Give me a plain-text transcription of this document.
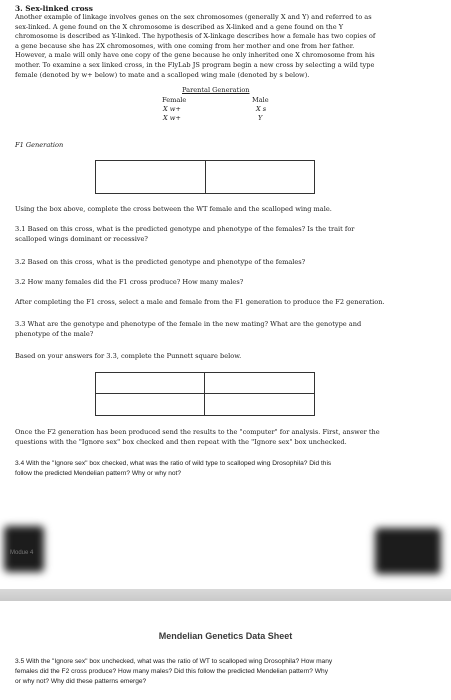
3. Sex-linked cross
Another example of linkage involves genes on the sex chromosomes (generally X and Y) and referred to as
sex-linked. A gene found on the X chromosome is described as X-linked and a gene found on the Y
chromosome is described as Y-linked. The hypothesis of X-linkage describes how a female has two copies of
a gene because she has 2X chromosomes, with one coming from her mother and one from her father.
However, a male will only have one copy of the gene because he only inherited one X chromosome from his
mother. To examine a sex linked cross, in the FlyLab JS program begin a new cross by selecting a wild type
female (denoted by w+ below) to mate and a scalloped wing male (denoted by s below).
Parental Generation
Female	Male
X w+	X s
X w+	Y
F1 Generation
Using the box above, complete the cross between the WT female and the scalloped wing male.
3.1 Based on this cross, what is the predicted genotype and phenotype of the females? Is the trait for
scalloped wings dominant or recessive?
3.2 Based on this cross, what is the predicted genotype and phenotype of the females?
3.2 How many females did the F1 cross produce? How many males?
After completing the F1 cross, select a male and female from the F1 generation to produce the F2 generation.
3.3 What are the genotype and phenotype of the female in the new mating? What are the genotype and
phenotype of the male?
Based on your answers for 3.3, complete the Punnett square below.
Once the F2 generation has been produced send the results to the "computer" for analysis. First, answer the
questions with the "Ignore sex" box checked and then repeat with the "Ignore sex" box unchecked.
3.4 With the "Ignore sex" box checked, what was the ratio of wild type to scalloped wing Drosophila? Did this
follow the predicted Mendelian pattern? Why or why not?
Modue 4
Mendelian Genetics Data Sheet
3.5 With the "Ignore sex" box unchecked, what was the ratio of WT to scalloped wing Drosophila? How many
females did the F2 cross produce? How many males? Did this follow the predicted Mendelian pattern? Why
or why not? Why did these patterns emerge?
